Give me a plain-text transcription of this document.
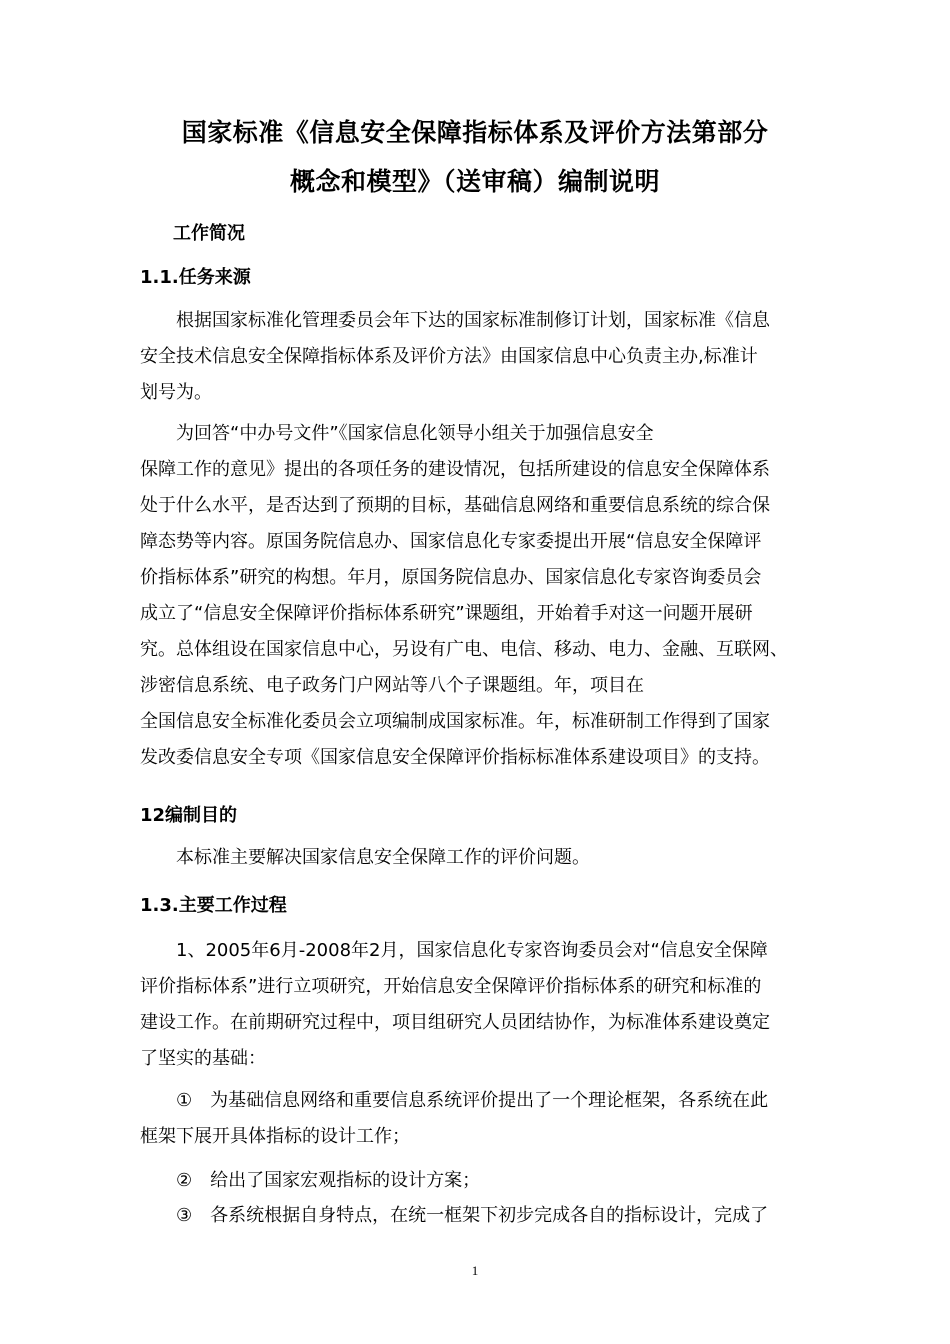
国家标准《信息安全保障指标体系及评价方法第部分
概念和模型》（送审稿）编制说明
工作简况
1.1.任务来源
根据国家标准化管理委员会年下达的国家标准制修订计划，国家标准《信息
安全技术信息安全保障指标体系及评价方法》由国家信息中心负责主办,标准计
划号为。
为回答“中办号文件”《国家信息化领导小组关于加强信息安全
保障工作的意见》提出的各项任务的建设情况，包括所建设的信息安全保障体系
处于什么水平，是否达到了预期的目标，基础信息网络和重要信息系统的综合保
障态势等内容。原国务院信息办、国家信息化专家委提出开展“信息安全保障评
价指标体系”研究的构想。年月，原国务院信息办、国家信息化专家咨询委员会
成立了“信息安全保障评价指标体系研究”课题组，开始着手对这一问题开展研
究。总体组设在国家信息中心，另设有广电、电信、移动、电力、金融、互联网、
涉密信息系统、电子政务门户网站等八个子课题组。年，项目在
全国信息安全标准化委员会立项编制成国家标准。年，标准研制工作得到了国家
发改委信息安全专项《国家信息安全保障评价指标标准体系建设项目》的支持。
12编制目的
本标准主要解决国家信息安全保障工作的评价问题。
1.3.主要工作过程
1、2005年6月-2008年2月，国家信息化专家咨询委员会对“信息安全保障
评价指标体系”进行立项研究，开始信息安全保障评价指标体系的研究和标准的
建设工作。在前期研究过程中，项目组研究人员团结协作，为标准体系建设奠定
了坚实的基础：
①　为基础信息网络和重要信息系统评价提出了一个理论框架，各系统在此
框架下展开具体指标的设计工作；
②　给出了国家宏观指标的设计方案；
③　各系统根据自身特点，在统一框架下初步完成各自的指标设计，完成了
1
